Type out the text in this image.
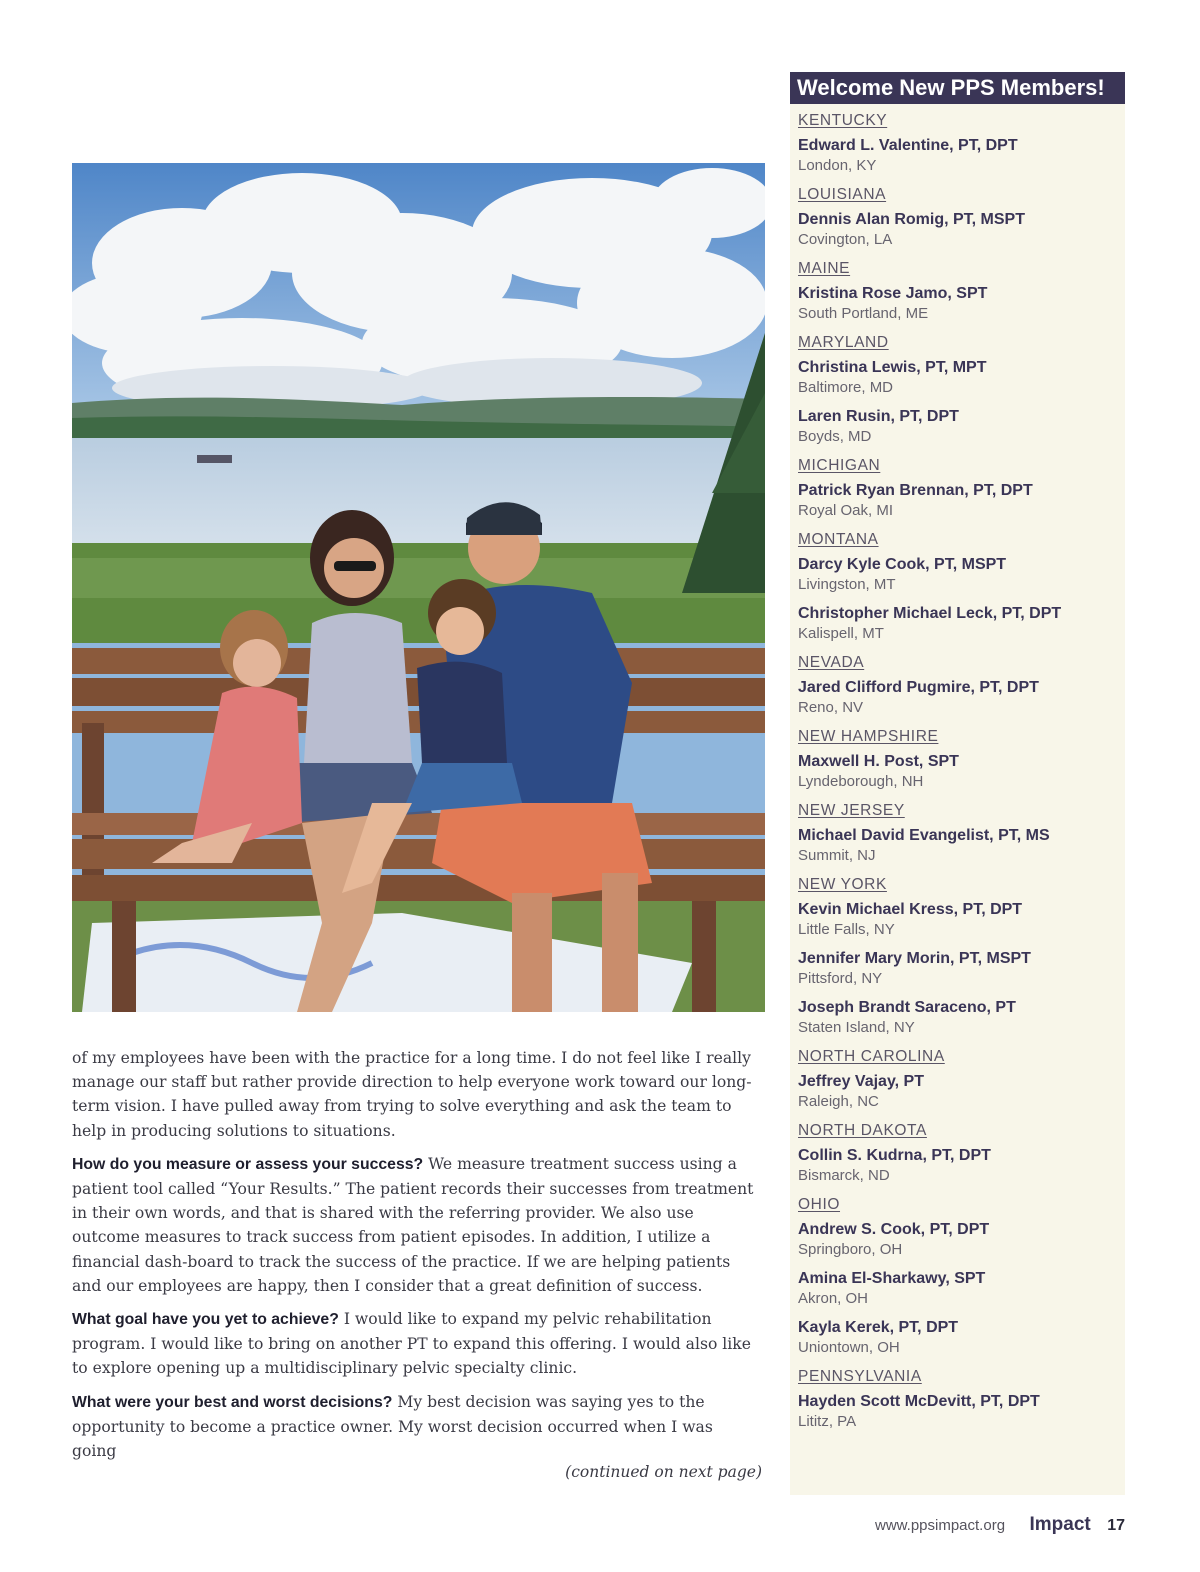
of my employees have been with the practice for a long time. I do not feel like I really manage our staff but rather provide direction to help everyone work toward our long-term vision. I have pulled away from trying to solve everything and ask the team to help in producing solutions to situations.

How do you measure or assess your success? We measure treatment success using a patient tool called “Your Results.” The patient records their successes from treatment in their own words, and that is shared with the referring provider. We also use outcome measures to track success from patient episodes. In addition, I utilize a financial dash-board to track the success of the practice. If we are helping patients and our employees are happy, then I consider that a great definition of success.

What goal have you yet to achieve? I would like to expand my pelvic rehabilitation program. I would like to bring on another PT to expand this offering. I would also like to explore opening up a multidisciplinary pelvic specialty clinic.

What were your best and worst decisions? My best decision was saying yes to the opportunity to become a practice owner. My worst decision occurred when I was going

(continued on next page)
Welcome New PPS Members!
KENTUCKY
Edward L. Valentine, PT, DPT
London, KY
LOUISIANA
Dennis Alan Romig, PT, MSPT
Covington, LA
MAINE
Kristina Rose Jamo, SPT
South Portland, ME
MARYLAND
Christina Lewis, PT, MPT
Baltimore, MD
Laren Rusin, PT, DPT
Boyds, MD
MICHIGAN
Patrick Ryan Brennan, PT, DPT
Royal Oak, MI
MONTANA
Darcy Kyle Cook, PT, MSPT
Livingston, MT
Christopher Michael Leck, PT, DPT
Kalispell, MT
NEVADA
Jared Clifford Pugmire, PT, DPT
Reno, NV
NEW HAMPSHIRE
Maxwell H. Post, SPT
Lyndeborough, NH
NEW JERSEY
Michael David Evangelist, PT, MS
Summit, NJ
NEW YORK
Kevin Michael Kress, PT, DPT
Little Falls, NY
Jennifer Mary Morin, PT, MSPT
Pittsford, NY
Joseph Brandt Saraceno, PT
Staten Island, NY
NORTH CAROLINA
Jeffrey Vajay, PT
Raleigh, NC
NORTH DAKOTA
Collin S. Kudrna, PT, DPT
Bismarck, ND
OHIO
Andrew S. Cook, PT, DPT
Springboro, OH
Amina El-Sharkawy, SPT
Akron, OH
Kayla Kerek, PT, DPT
Uniontown, OH
PENNSYLVANIA
Hayden Scott McDevitt, PT, DPT
Lititz, PA
www.ppsimpact.org Impact 17
